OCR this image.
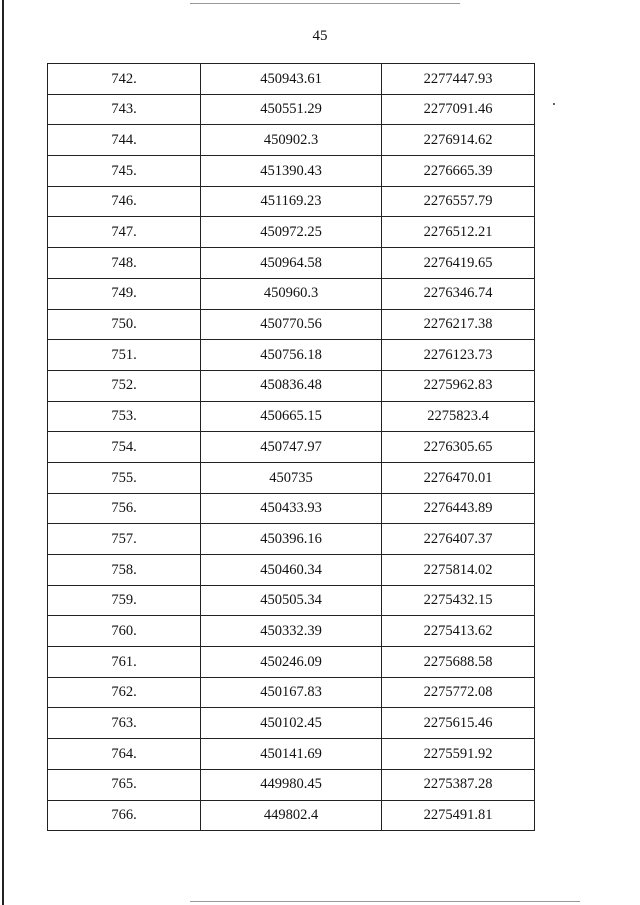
45
742.	450943.61	2277447.93
743.	450551.29	2277091.46
744.	450902.3	2276914.62
745.	451390.43	2276665.39
746.	451169.23	2276557.79
747.	450972.25	2276512.21
748.	450964.58	2276419.65
749.	450960.3	2276346.74
750.	450770.56	2276217.38
751.	450756.18	2276123.73
752.	450836.48	2275962.83
753.	450665.15	2275823.4
754.	450747.97	2276305.65
755.	450735	2276470.01
756.	450433.93	2276443.89
757.	450396.16	2276407.37
758.	450460.34	2275814.02
759.	450505.34	2275432.15
760.	450332.39	2275413.62
761.	450246.09	2275688.58
762.	450167.83	2275772.08
763.	450102.45	2275615.46
764.	450141.69	2275591.92
765.	449980.45	2275387.28
766.	449802.4	2275491.81
